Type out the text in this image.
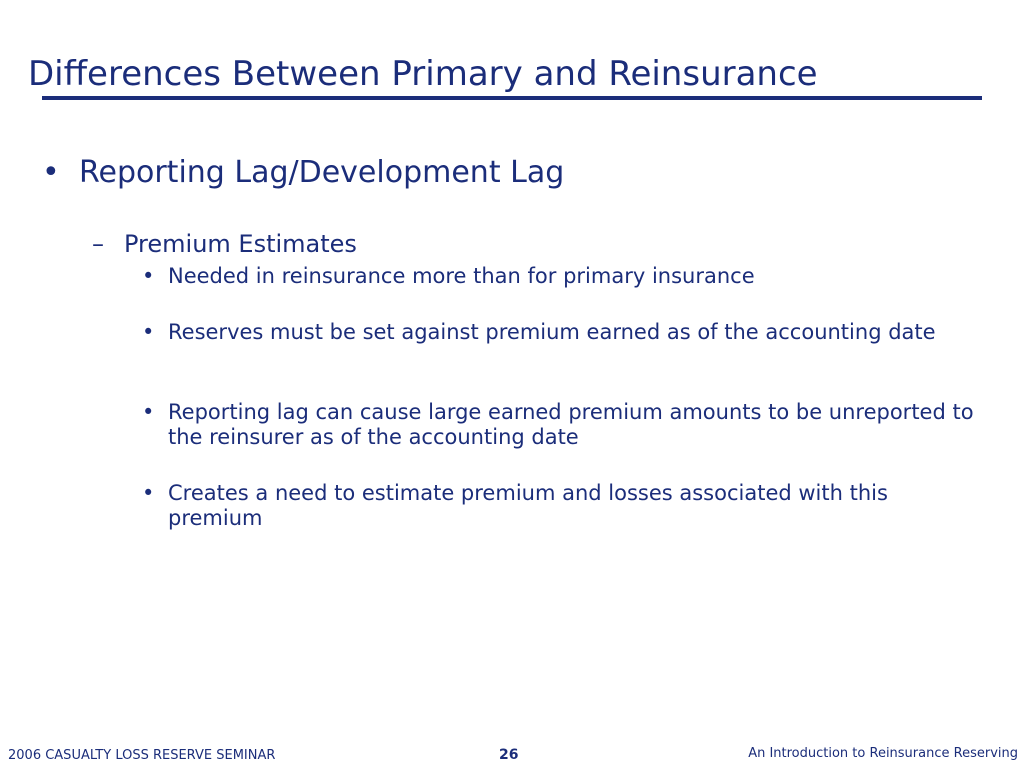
Differences Between Primary and Reinsurance
• Reporting Lag/Development Lag
– Premium Estimates
• Needed in reinsurance more than for primary insurance
• Reserves must be set against premium earned as of the accounting date
• Reporting lag can cause large earned premium amounts to be unreported to the reinsurer as of the accounting date
• Creates a need to estimate premium and losses associated with this premium
2006 CASUALTY LOSS RESERVE SEMINAR	26	An Introduction to Reinsurance Reserving
